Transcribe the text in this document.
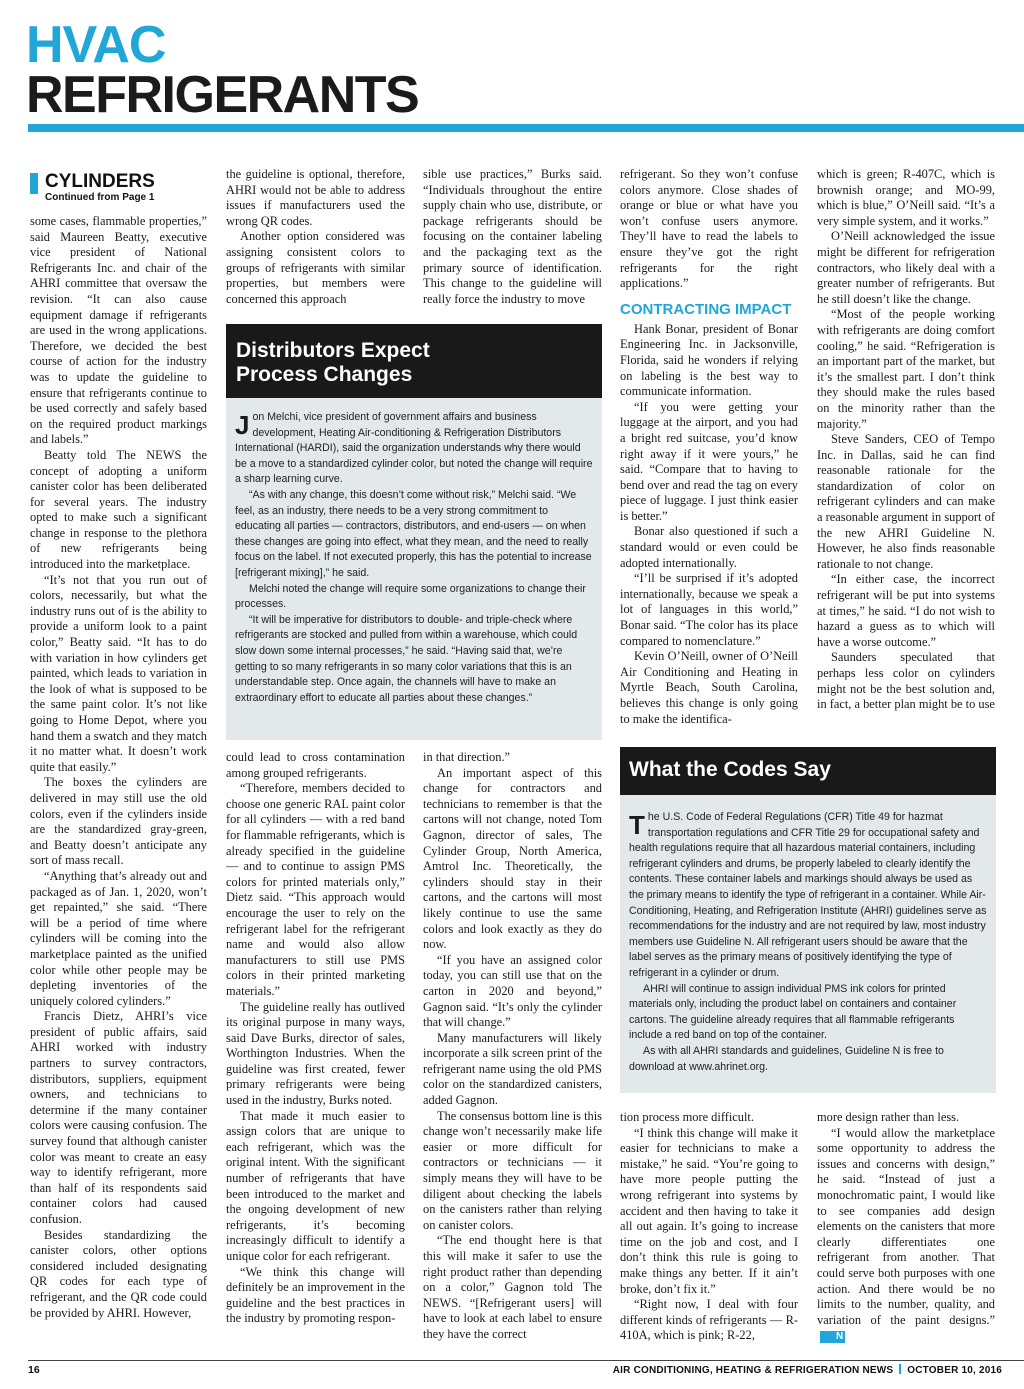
HVAC
REFRIGERANTS
CYLINDERS
Continued from Page 1

some cases, flammable properties,” said Maureen Beatty, executive vice president of National Refrigerants Inc. and chair of the AHRI committee that oversaw the revision. “It can also cause equipment damage if refrigerants are used in the wrong applications. Therefore, we decided the best course of action for the industry was to update the guideline to ensure that refrigerants continue to be used correctly and safely based on the required product markings and labels.”

Beatty told The NEWS the concept of adopting a uniform canister color has been deliberated for several years. The industry opted to make such a significant change in response to the plethora of new refrigerants being introduced into the marketplace.

“It’s not that you run out of colors, necessarily, but what the industry runs out of is the ability to provide a uniform look to a paint color,” Beatty said. “It has to do with variation in how cylinders get painted, which leads to variation in the look of what is supposed to be the same paint color. It’s not like going to Home Depot, where you hand them a swatch and they match it no matter what. It doesn’t work quite that easily.”

The boxes the cylinders are delivered in may still use the old colors, even if the cylinders inside are the standardized gray-green, and Beatty doesn’t anticipate any sort of mass recall.

“Anything that’s already out and packaged as of Jan. 1, 2020, won’t get repainted,” she said. “There will be a period of time where cylinders will be coming into the marketplace painted as the unified color while other people may be depleting inventories of the uniquely colored cylinders.”

Francis Dietz, AHRI’s vice president of public affairs, said AHRI worked with industry partners to survey contractors, distributors, suppliers, equipment owners, and technicians to determine if the many container colors were causing confusion. The survey found that although canister color was meant to create an easy way to identify refrigerant, more than half of its respondents said container colors had caused confusion.

Besides standardizing the canister colors, other options considered included designating QR codes for each type of refrigerant, and the QR code could be provided by AHRI. However,

the guideline is optional, therefore, AHRI would not be able to address issues if manufacturers used the wrong QR codes.

Another option considered was assigning consistent colors to groups of refrigerants with similar properties, but members were concerned this approach

sible use practices,” Burks said. “Individuals throughout the entire supply chain who use, distribute, or package refrigerants should be focusing on the container labeling and the packaging text as the primary source of identification. This change to the guideline will really force the industry to move

Distributors Expect
Process Changes

Jon Melchi, vice president of government affairs and business development, Heating Air-conditioning & Refrigeration Distributors International (HARDI), said the organization understands why there would be a move to a standardized cylinder color, but noted the change will require a sharp learning curve.

“As with any change, this doesn’t come without risk,” Melchi said. “We feel, as an industry, there needs to be a very strong commitment to educating all parties — contractors, distributors, and end-users — on when these changes are going into effect, what they mean, and the need to really focus on the label. If not executed properly, this has the potential to increase [refrigerant mixing],” he said.

Melchi noted the change will require some organizations to change their processes.

“It will be imperative for distributors to double- and triple-check where refrigerants are stocked and pulled from within a warehouse, which could slow down some internal processes,” he said. “Having said that, we’re getting to so many refrigerants in so many color variations that this is an understandable step. Once again, the channels will have to make an extraordinary effort to educate all parties about these changes.”

could lead to cross contamination among grouped refrigerants.

“Therefore, members decided to choose one generic RAL paint color for all cylinders — with a red band for flammable refrigerants, which is already specified in the guideline — and to continue to assign PMS colors for printed materials only,” Dietz said. “This approach would encourage the user to rely on the refrigerant label for the refrigerant name and would also allow manufacturers to still use PMS colors in their printed marketing materials.”

The guideline really has outlived its original purpose in many ways, said Dave Burks, director of sales, Worthington Industries. When the guideline was first created, fewer primary refrigerants were being used in the industry, Burks noted.

That made it much easier to assign colors that are unique to each refrigerant, which was the original intent. With the significant number of refrigerants that have been introduced to the market and the ongoing development of new refrigerants, it’s becoming increasingly difficult to identify a unique color for each refrigerant.

“We think this change will definitely be an improvement in the guideline and the best practices in the industry by promoting respon-

in that direction.”

An important aspect of this change for contractors and technicians to remember is that the cartons will not change, noted Tom Gagnon, director of sales, The Cylinder Group, North America, Amtrol Inc. Theoretically, the cylinders should stay in their cartons, and the cartons will most likely continue to use the same colors and look exactly as they do now.

“If you have an assigned color today, you can still use that on the carton in 2020 and beyond,” Gagnon said. “It’s only the cylinder that will change.”

Many manufacturers will likely incorporate a silk screen print of the refrigerant name using the old PMS color on the standardized canisters, added Gagnon.

The consensus bottom line is this change won’t necessarily make life easier or more difficult for contractors or technicians — it simply means they will have to be diligent about checking the labels on the canisters rather than relying on canister colors.

“The end thought here is that this will make it safer to use the right product rather than depending on a color,” Gagnon told The NEWS. “[Refrigerant users] will have to look at each label to ensure they have the correct

refrigerant. So they won’t confuse colors anymore. Close shades of orange or blue or what have you won’t confuse users anymore. They’ll have to read the labels to ensure they’ve got the right refrigerants for the right applications.”

CONTRACTING IMPACT

Hank Bonar, president of Bonar Engineering Inc. in Jacksonville, Florida, said he wonders if relying on labeling is the best way to communicate information.

“If you were getting your luggage at the airport, and you had a bright red suitcase, you’d know right away if it were yours,” he said. “Compare that to having to bend over and read the tag on every piece of luggage. I just think easier is better.”

Bonar also questioned if such a standard would or even could be adopted internationally.

“I’ll be surprised if it’s adopted internationally, because we speak a lot of languages in this world,” Bonar said. “The color has its place compared to nomenclature.”

Kevin O’Neill, owner of O’Neill Air Conditioning and Heating in Myrtle Beach, South Carolina, believes this change is only going to make the identifica-

which is green; R-407C, which is brownish orange; and MO-99, which is blue,” O’Neill said. “It’s a very simple system, and it works.”

O’Neill acknowledged the issue might be different for refrigeration contractors, who likely deal with a greater number of refrigerants. But he still doesn’t like the change.

“Most of the people working with refrigerants are doing comfort cooling,” he said. “Refrigeration is an important part of the market, but it’s the smallest part. I don’t think they should make the rules based on the minority rather than the majority.”

Steve Sanders, CEO of Tempo Inc. in Dallas, said he can find reasonable rationale for the standardization of color on refrigerant cylinders and can make a reasonable argument in support of the new AHRI Guideline N. However, he also finds reasonable rationale to not change.

“In either case, the incorrect refrigerant will be put into systems at times,” he said. “I do not wish to hazard a guess as to which will have a worse outcome.”

Saunders speculated that perhaps less color on cylinders might not be the best solution and, in fact, a better plan might be to use

What the Codes Say

The U.S. Code of Federal Regulations (CFR) Title 49 for hazmat transportation regulations and CFR Title 29 for occupational safety and health regulations require that all hazardous material containers, including refrigerant cylinders and drums, be properly labeled to clearly identify the contents. These container labels and markings should always be used as the primary means to identify the type of refrigerant in a container. While Air-Conditioning, Heating, and Refrigeration Institute (AHRI) guidelines serve as recommendations for the industry and are not required by law, most industry members use Guideline N. All refrigerant users should be aware that the label serves as the primary means of positively identifying the type of refrigerant in a cylinder or drum.

AHRI will continue to assign individual PMS ink colors for printed materials only, including the product label on containers and container cartons. The guideline already requires that all flammable refrigerants include a red band on top of the container.

As with all AHRI standards and guidelines, Guideline N is free to download at www.ahrinet.org.

tion process more difficult.

“I think this change will make it easier for technicians to make a mistake,” he said. “You’re going to have more people putting the wrong refrigerant into systems by accident and then having to take it all out again. It’s going to increase time on the job and cost, and I don’t think this rule is going to make things any better. If it ain’t broke, don’t fix it.”

“Right now, I deal with four different kinds of refrigerants — R-410A, which is pink; R-22,

more design rather than less.

“I would allow the marketplace some opportunity to address the issues and concerns with design,” he said. “Instead of just a monochromatic paint, I would like to see companies add design elements on the canisters that more clearly differentiates one refrigerant from another. That could serve both purposes with one action. And there would be no limits to the number, quality, and variation of the paint designs.”N

16	AIR CONDITIONING, HEATING & REFRIGERATION NEWS OCTOBER 10, 2016
